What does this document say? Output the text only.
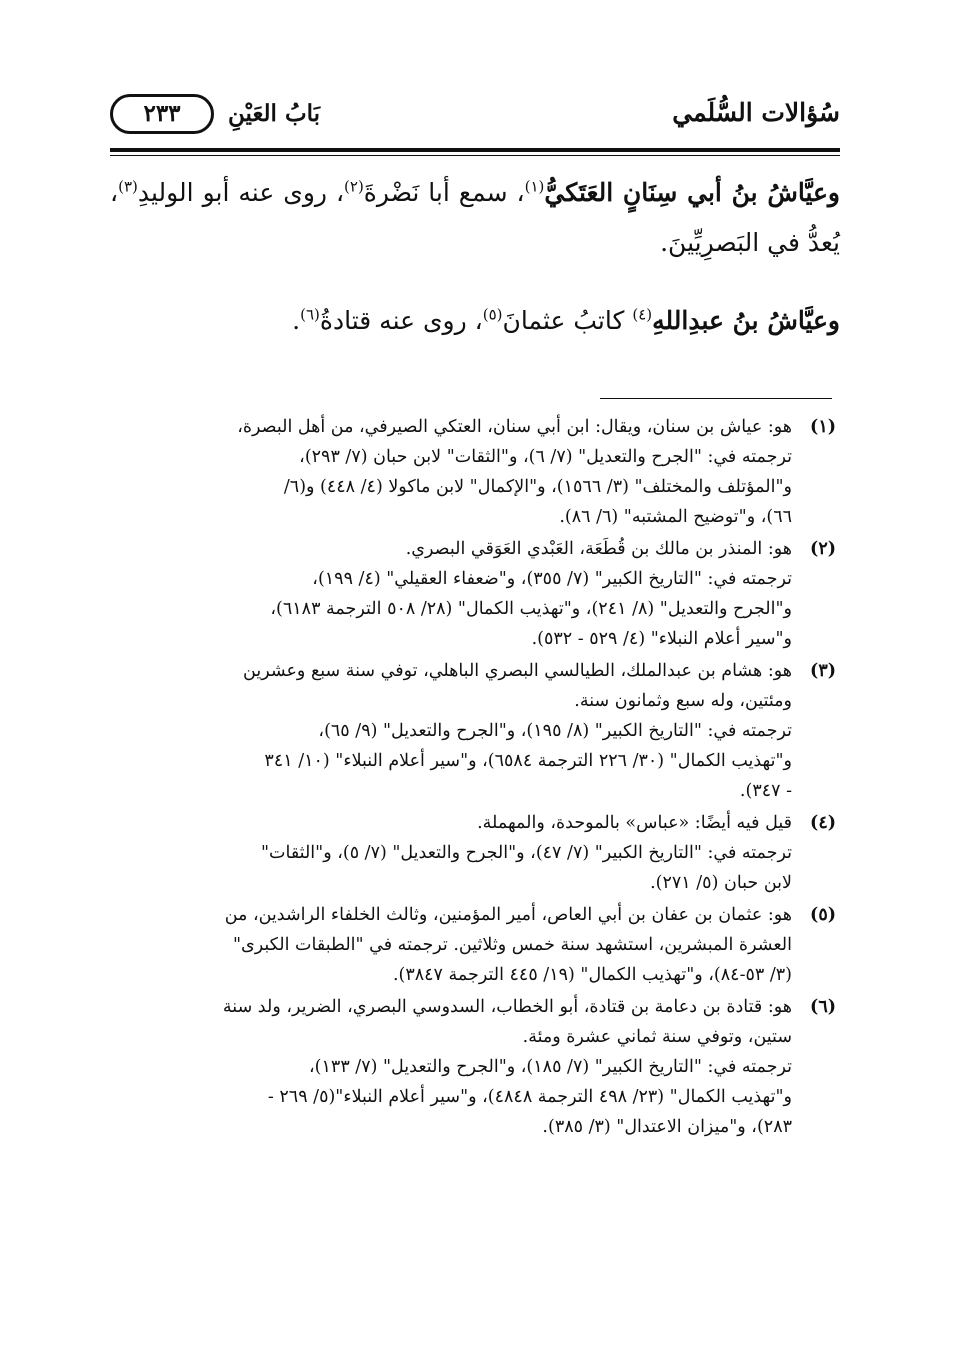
سُؤالات السُّلَمي
بَابُ العَيْنِ
٢٣٣

وعيَّاشُ بنُ أبي سِنَانٍ العَتَكيُّ$^{(١)}$، سمع أبا نَضْرةَ$^{(٢)}$، روى عنه أبو الوليدِ$^{(٣)}$، يُعدُّ في البَصرِيِّينَ.

وعيَّاشُ بنُ عبدِاللهِ$^{(٤)}$ كاتبُ عثمانَ$^{(٥)}$، روى عنه قتادةُ$^{(٦)}$.

(١)
هو: عياش بن سنان، ويقال: ابن أبي سنان، العتكي الصيرفي، من أهل البصرة،
ترجمته في: "الجرح والتعديل" (٧/ ٦)، و"الثقات" لابن حبان (٧/ ٢٩٣)،
و"المؤتلف والمختلف" (٣/ ١٥٦٦)، و"الإكمال" لابن ماكولا (٤/ ٤٤٨) و(٦/
٦٦)، و"توضيح المشتبه" (٦/ ٨٦).
(٢)
هو: المنذر بن مالك بن قُطَعَة، العَبْدي العَوَقي البصري.
ترجمته في: "التاريخ الكبير" (٧/ ٣٥٥)، و"ضعفاء العقيلي" (٤/ ١٩٩)،
و"الجرح والتعديل" (٨/ ٢٤١)، و"تهذيب الكمال" (٢٨/ ٥٠٨ الترجمة ٦١٨٣)،
و"سير أعلام النبلاء" (٤/ ٥٢٩ - ٥٣٢).
(٣)
هو: هشام بن عبدالملك، الطيالسي البصري الباهلي، توفي سنة سبع وعشرين
ومئتين، وله سبع وثمانون سنة.
ترجمته في: "التاريخ الكبير" (٨/ ١٩٥)، و"الجرح والتعديل" (٩/ ٦٥)،
و"تهذيب الكمال" (٣٠/ ٢٢٦ الترجمة ٦٥٨٤)، و"سير أعلام النبلاء" (١٠/ ٣٤١
- ٣٤٧).
(٤)
قيل فيه أيضًا: «عباس» بالموحدة، والمهملة.
ترجمته في: "التاريخ الكبير" (٧/ ٤٧)، و"الجرح والتعديل" (٧/ ٥)، و"الثقات"
لابن حبان (٥/ ٢٧١).
(٥)
هو: عثمان بن عفان بن أبي العاص، أمير المؤمنين، وثالث الخلفاء الراشدين، من
العشرة المبشرين، استشهد سنة خمس وثلاثين. ترجمته في "الطبقات الكبرى"
(٣/ ٥٣-٨٤)، و"تهذيب الكمال" (١٩/ ٤٤٥ الترجمة ٣٨٤٧).
(٦)
هو: قتادة بن دعامة بن قتادة، أبو الخطاب، السدوسي البصري، الضرير، ولد سنة
ستين، وتوفي سنة ثماني عشرة ومئة.
ترجمته في: "التاريخ الكبير" (٧/ ١٨٥)، و"الجرح والتعديل" (٧/ ١٣٣)،
و"تهذيب الكمال" (٢٣/ ٤٩٨ الترجمة ٤٨٤٨)، و"سير أعلام النبلاء"(٥/ ٢٦٩ -
٢٨٣)، و"ميزان الاعتدال" (٣/ ٣٨٥).
